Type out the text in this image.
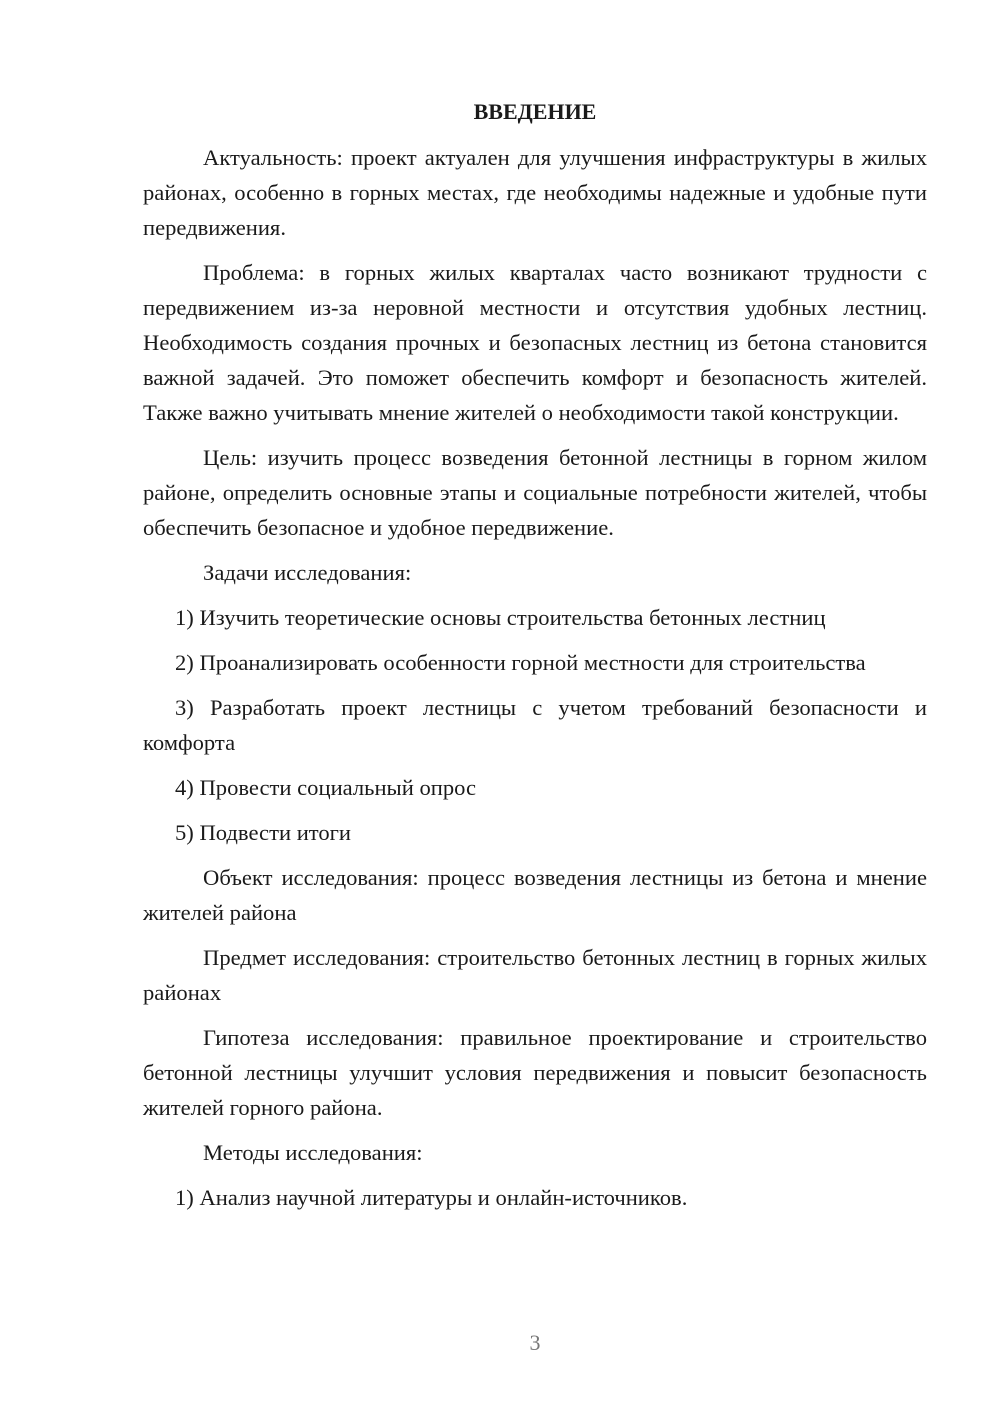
ВВЕДЕНИЕ

Актуальность: проект актуален для улучшения инфраструктуры в жилых районах, особенно в горных местах, где необходимы надежные и удобные пути передвижения.

Проблема: в горных жилых кварталах часто возникают трудности с передвижением из-за неровной местности и отсутствия удобных лестниц. Необходимость создания прочных и безопасных лестниц из бетона становится важной задачей. Это поможет обеспечить комфорт и безопасность жителей. Также важно учитывать мнение жителей о необходимости такой конструкции.

Цель: изучить процесс возведения бетонной лестницы в горном жилом районе, определить основные этапы и социальные потребности жителей, чтобы обеспечить безопасное и удобное передвижение.

Задачи исследования:

1) Изучить теоретические основы строительства бетонных лестниц

2) Проанализировать особенности горной местности для строительства

3) Разработать проект лестницы с учетом требований безопасности и комфорта

4) Провести социальный опрос

5) Подвести итоги

Объект исследования: процесс возведения лестницы из бетона и мнение жителей района

Предмет исследования: строительство бетонных лестниц в горных жилых районах

Гипотеза исследования: правильное проектирование и строительство бетонной лестницы улучшит условия передвижения и повысит безопасность жителей горного района.

Методы исследования:

1) Анализ научной литературы и онлайн-источников.

3
